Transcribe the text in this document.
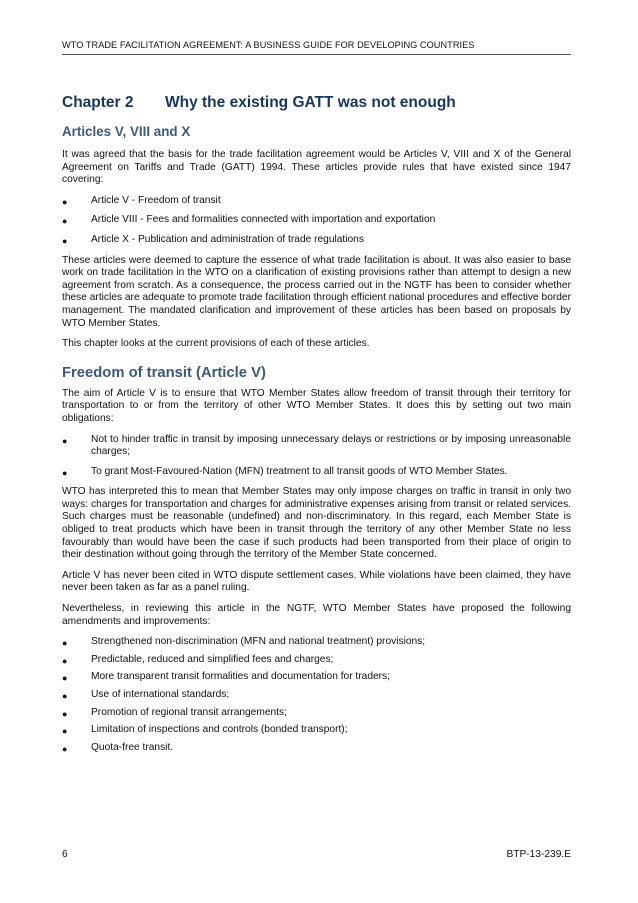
WTO TRADE FACILITATION AGREEMENT: A BUSINESS GUIDE FOR DEVELOPING COUNTRIES
Chapter 2 Why the existing GATT was not enough
Articles V, VIII and X

It was agreed that the basis for the trade facilitation agreement would be Articles V, VIII and X of the General Agreement on Tariffs and Trade (GATT) 1994. These articles provide rules that have existed since 1947 covering:

● Article V - Freedom of transit
● Article VIII - Fees and formalities connected with importation and exportation
● Article X - Publication and administration of trade regulations

These articles were deemed to capture the essence of what trade facilitation is about. It was also easier to base work on trade facilitation in the WTO on a clarification of existing provisions rather than attempt to design a new agreement from scratch. As a consequence, the process carried out in the NGTF has been to consider whether these articles are adequate to promote trade facilitation through efficient national procedures and effective border management. The mandated clarification and improvement of these articles has been based on proposals by WTO Member States.

This chapter looks at the current provisions of each of these articles.

Freedom of transit (Article V)

The aim of Article V is to ensure that WTO Member States allow freedom of transit through their territory for transportation to or from the territory of other WTO Member States. It does this by setting out two main obligations:

● Not to hinder traffic in transit by imposing unnecessary delays or restrictions or by imposing unreasonable charges;
● To grant Most-Favoured-Nation (MFN) treatment to all transit goods of WTO Member States.

WTO has interpreted this to mean that Member States may only impose charges on traffic in transit in only two ways: charges for transportation and charges for administrative expenses arising from transit or related services. Such charges must be reasonable (undefined) and non-discriminatory. In this regard, each Member State is obliged to treat products which have been in transit through the territory of any other Member State no less favourably than would have been the case if such products had been transported from their place of origin to their destination without going through the territory of the Member State concerned.

Article V has never been cited in WTO dispute settlement cases. While violations have been claimed, they have never been taken as far as a panel ruling.

Nevertheless, in reviewing this article in the NGTF, WTO Member States have proposed the following amendments and improvements:

● Strengthened non-discrimination (MFN and national treatment) provisions;
● Predictable, reduced and simplified fees and charges;
● More transparent transit formalities and documentation for traders;
● Use of international standards;
● Promotion of regional transit arrangements;
● Limitation of inspections and controls (bonded transport);
● Quota-free transit.
6	BTP-13-239.E
